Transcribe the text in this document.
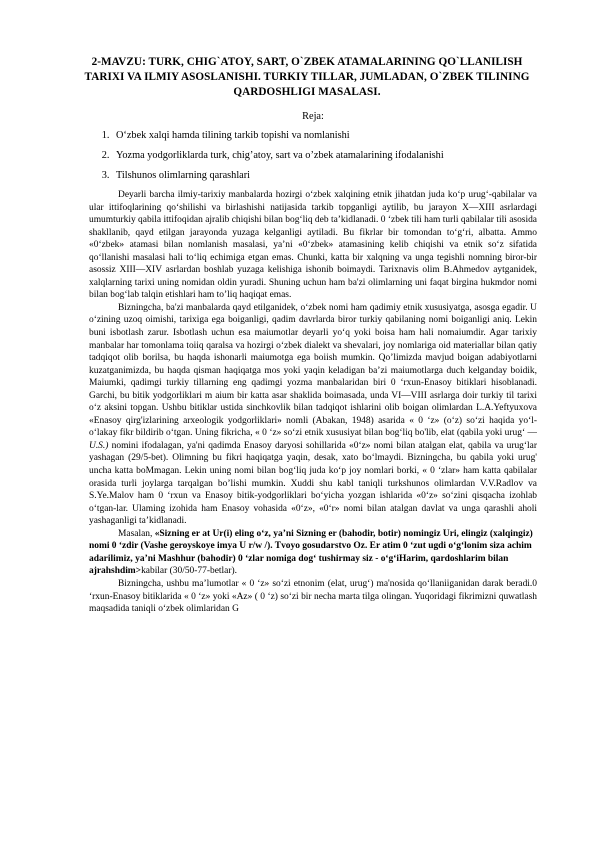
2-MAVZU: TURK, CHIG`ATOY, SART, O`ZBEK ATAMALARINING QO`LLANILISH TARIXI VA ILMIY ASOSLANISHI. TURKIY TILLAR, JUMLADAN, O`ZBEK TILINING QARDOSHLIGI MASALASI.
Reja:
1. O‘zbek xalqi hamda tilining tarkib topishi va nomlanishi
2. Yozma yodgorliklarda turk, chig’atoy, sart va o’zbek atamalarining ifodalanishi
3. Tilshunos olimlarning qarashlari

Deyarli barcha ilmiy-tarixiy manbalarda hozirgi o‘zbek xalqining etnik jihatdan juda ko‘p urug‘-qabilalar va ular ittifoqlarining qo‘shilishi va birlashishi natijasida tarkib topganligi aytilib, bu jarayon X—XIII asrlardagi umumturkiy qabila ittifoqidan ajralib chiqishi bilan bog‘liq deb ta’kidlanadi. 0 ‘zbek tili ham turli qabilalar tili asosida shakllanib, qayd etilgan jarayonda yuzaga kelganligi aytiladi. Bu fikrlar bir tomondan to‘g‘ri, albatta. Ammo «0‘zbek» atamasi bilan nomlanish masalasi, ya’ni «0‘zbek» atamasining kelib chiqishi va etnik so‘z sifatida qo‘llanishi masalasi hali to‘liq echimiga etgan emas. Chunki, katta bir xalqning va unga tegishli nomning biror-bir asossiz XIII—XIV asrlardan boshlab yuzaga kelishiga ishonib boimaydi. Tarixnavis olim B.Ahmedov aytganidek, xalqlarning tarixi uning nomidan oldin yuradi. Shuning uchun ham ba'zi olimlarning uni faqat birgina hukmdor nomi bilan bog‘lab talqin etishlari ham to’liq haqiqat emas.

Bizningcha, ba'zi manbalarda qayd etilganidek, o‘zbek nomi ham qadimiy etnik xususiyatga, asosga egadir. U o‘zining uzoq oimishi, tarixiga ega boiganligi, qadim davrlarda biror turkiy qabilaning nomi boiganligi aniq. Lekin buni isbotlash zarur. Isbotlash uchun esa maiumotlar deyarli yo‘q yoki boisa ham hali nomaiumdir. Agar tarixiy manbalar har tomonlama toiiq qaralsa va hozirgi o‘zbek dialekt va shevalari, joy nomlariga oid materiallar bilan qatiy tadqiqot olib borilsa, bu haqda ishonarli maiumotga ega boiish mumkin. Qo’limizda mavjud boigan adabiyotlarni kuzatganimizda, bu haqda qisman haqiqatga mos yoki yaqin keladigan ba’zi maiumotlarga duch kelganday boidik, Maiumki, qadimgi turkiy tillarning eng qadimgi yozma manbalaridan biri 0 ‘rxun-Enasoy bitiklari hisoblanadi. Garchi, bu bitik yodgorliklari m aium bir katta asar shaklida boimasada, unda VI—VIII asrlarga doir turkiy til tarixi o‘z aksini topgan. Ushbu bitiklar ustida sinchkovlik bilan tadqiqot ishlarini olib boigan olimlardan L.A.Yeftyuxova «Enasoy qirg'izlarining arxeologik yodgorliklari» nomli (Abakan, 1948) asarida « 0 ‘z» (o‘z) so‘zi haqida yo‘l-o‘lakay fikr bildirib o‘tgan. Uning fikricha, « 0 ‘z» so‘zi etnik xususiyat bilan bog‘liq bo'lib, elat (qabila yoki urug‘ — U.S.) nomini ifodalagan, ya'ni qadimda Enasoy daryosi sohillarida «0‘z» nomi bilan atalgan elat, qabila va urug‘lar yashagan (29/5-bet). Olimning bu fikri haqiqatga yaqin, desak, xato bo‘lmaydi. Bizningcha, bu qabila yoki urug' uncha katta boMmagan. Lekin uning nomi bilan bog‘liq juda ko‘p joy nomlari borki, « 0 ‘zlar» ham katta qabilalar orasida turli joylarga tarqalgan bo’lishi mumkin. Xuddi shu kabl taniqli turkshunos olimlardan V.V.Radlov va S.Ye.Malov ham 0 ‘rxun va Enasoy bitik-yodgorliklari bo‘yicha yozgan ishlarida «0‘z» so‘zini qisqacha izohlab o‘tgan-lar. Ulaming izohida ham Enasoy vohasida «0‘z», «0‘r» nomi bilan atalgan davlat va unga qarashli aholi yashaganligi ta’kidlanadi.

Masalan, «Sizning er at Ur(i) eling o‘z, ya’ni Sizning er (bahodir, botir) nomingiz Uri, elingiz (xalqingiz) nomi 0 ‘zdir (Vashe geroyskoye imya U r/w /). Tvoyo gosudarstvo Oz. Er atim 0 ‘zut ugdi o‘g‘lonim siza achim adarilimiz, ya’ni Mashhur (bahodir) 0 ‘zlar nomiga dog‘ tushirmay siz - o‘g‘iHarim, qardoshlarim bilan ajrahshdim>kabilar (30/50-77-betlar).

Bizningcha, ushbu ma’lumotlar « 0 ‘z» so‘zi etnonim (elat, urug‘) ma'nosida qo‘llaniiganidan darak beradi.0 ‘rxun-Enasoy bitiklarida « 0 ‘z» yoki «Az» ( 0 ‘z) so‘zi bir necha marta tilga olingan. Yuqoridagi fikrimizni quwatlash maqsadida taniqli o‘zbek olimlaridan G
